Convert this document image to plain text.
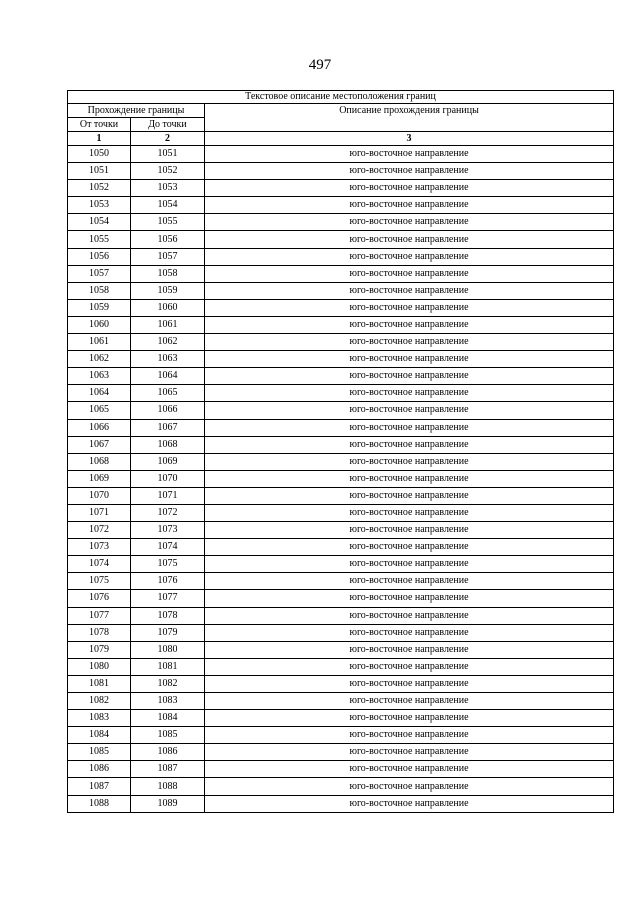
497
Текстовое описание местоположения границ		
Прохождение границы		Описание прохождения границы
От точки	До точки	
1	2	3
1050	1051	юго-восточное направление
1051	1052	юго-восточное направление
1052	1053	юго-восточное направление
1053	1054	юго-восточное направление
1054	1055	юго-восточное направление
1055	1056	юго-восточное направление
1056	1057	юго-восточное направление
1057	1058	юго-восточное направление
1058	1059	юго-восточное направление
1059	1060	юго-восточное направление
1060	1061	юго-восточное направление
1061	1062	юго-восточное направление
1062	1063	юго-восточное направление
1063	1064	юго-восточное направление
1064	1065	юго-восточное направление
1065	1066	юго-восточное направление
1066	1067	юго-восточное направление
1067	1068	юго-восточное направление
1068	1069	юго-восточное направление
1069	1070	юго-восточное направление
1070	1071	юго-восточное направление
1071	1072	юго-восточное направление
1072	1073	юго-восточное направление
1073	1074	юго-восточное направление
1074	1075	юго-восточное направление
1075	1076	юго-восточное направление
1076	1077	юго-восточное направление
1077	1078	юго-восточное направление
1078	1079	юго-восточное направление
1079	1080	юго-восточное направление
1080	1081	юго-восточное направление
1081	1082	юго-восточное направление
1082	1083	юго-восточное направление
1083	1084	юго-восточное направление
1084	1085	юго-восточное направление
1085	1086	юго-восточное направление
1086	1087	юго-восточное направление
1087	1088	юго-восточное направление
1088	1089	юго-восточное направление
